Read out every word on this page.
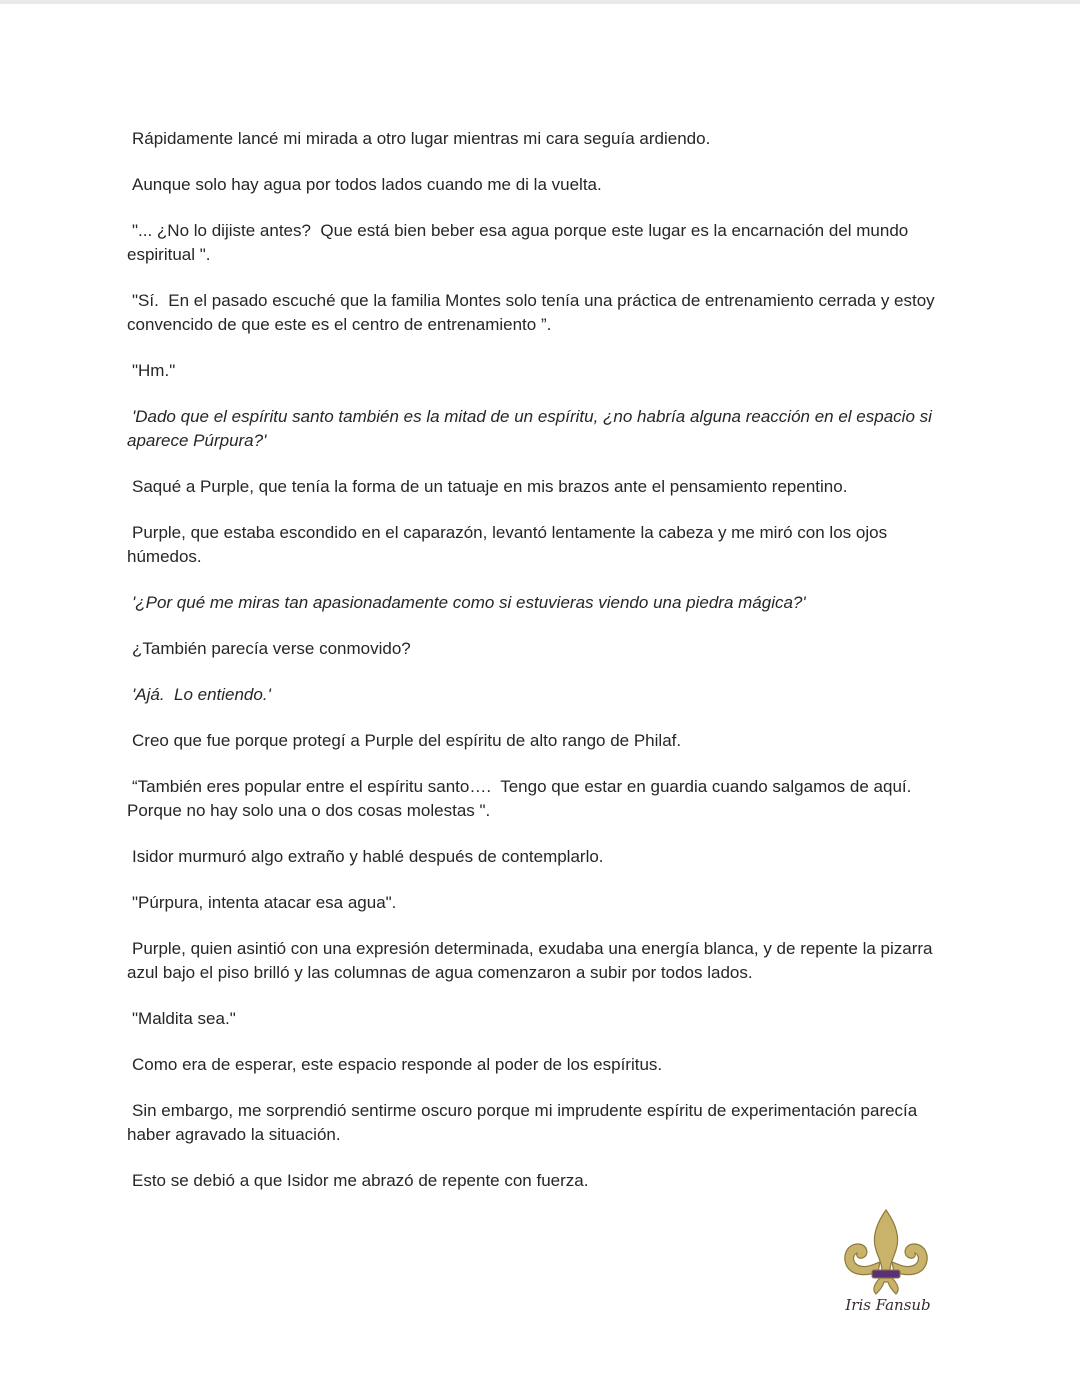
Rápidamente lancé mi mirada a otro lugar mientras mi cara seguía ardiendo.

Aunque solo hay agua por todos lados cuando me di la vuelta.

"... ¿No lo dijiste antes?  Que está bien beber esa agua porque este lugar es la encarnación del mundo espiritual ".

"Sí.  En el pasado escuché que la familia Montes solo tenía una práctica de entrenamiento cerrada y estoy convencido de que este es el centro de entrenamiento ”.

"Hm."

'Dado que el espíritu santo también es la mitad de un espíritu, ¿no habría alguna reacción en el espacio si aparece Púrpura?'

Saqué a Purple, que tenía la forma de un tatuaje en mis brazos ante el pensamiento repentino.

Purple, que estaba escondido en el caparazón, levantó lentamente la cabeza y me miró con los ojos húmedos.

'¿Por qué me miras tan apasionadamente como si estuvieras viendo una piedra mágica?'

¿También parecía verse conmovido?

'Ajá.  Lo entiendo.'

Creo que fue porque protegí a Purple del espíritu de alto rango de Philaf.

“También eres popular entre el espíritu santo….  Tengo que estar en guardia cuando salgamos de aquí. Porque no hay solo una o dos cosas molestas ".

Isidor murmuró algo extraño y hablé después de contemplarlo.

"Púrpura, intenta atacar esa agua".

Purple, quien asintió con una expresión determinada, exudaba una energía blanca, y de repente la pizarra azul bajo el piso brilló y las columnas de agua comenzaron a subir por todos lados.

"Maldita sea."

Como era de esperar, este espacio responde al poder de los espíritus.

Sin embargo, me sorprendió sentirme oscuro porque mi imprudente espíritu de experimentación parecía haber agravado la situación.

Esto se debió a que Isidor me abrazó de repente con fuerza.

Iris Fansub
